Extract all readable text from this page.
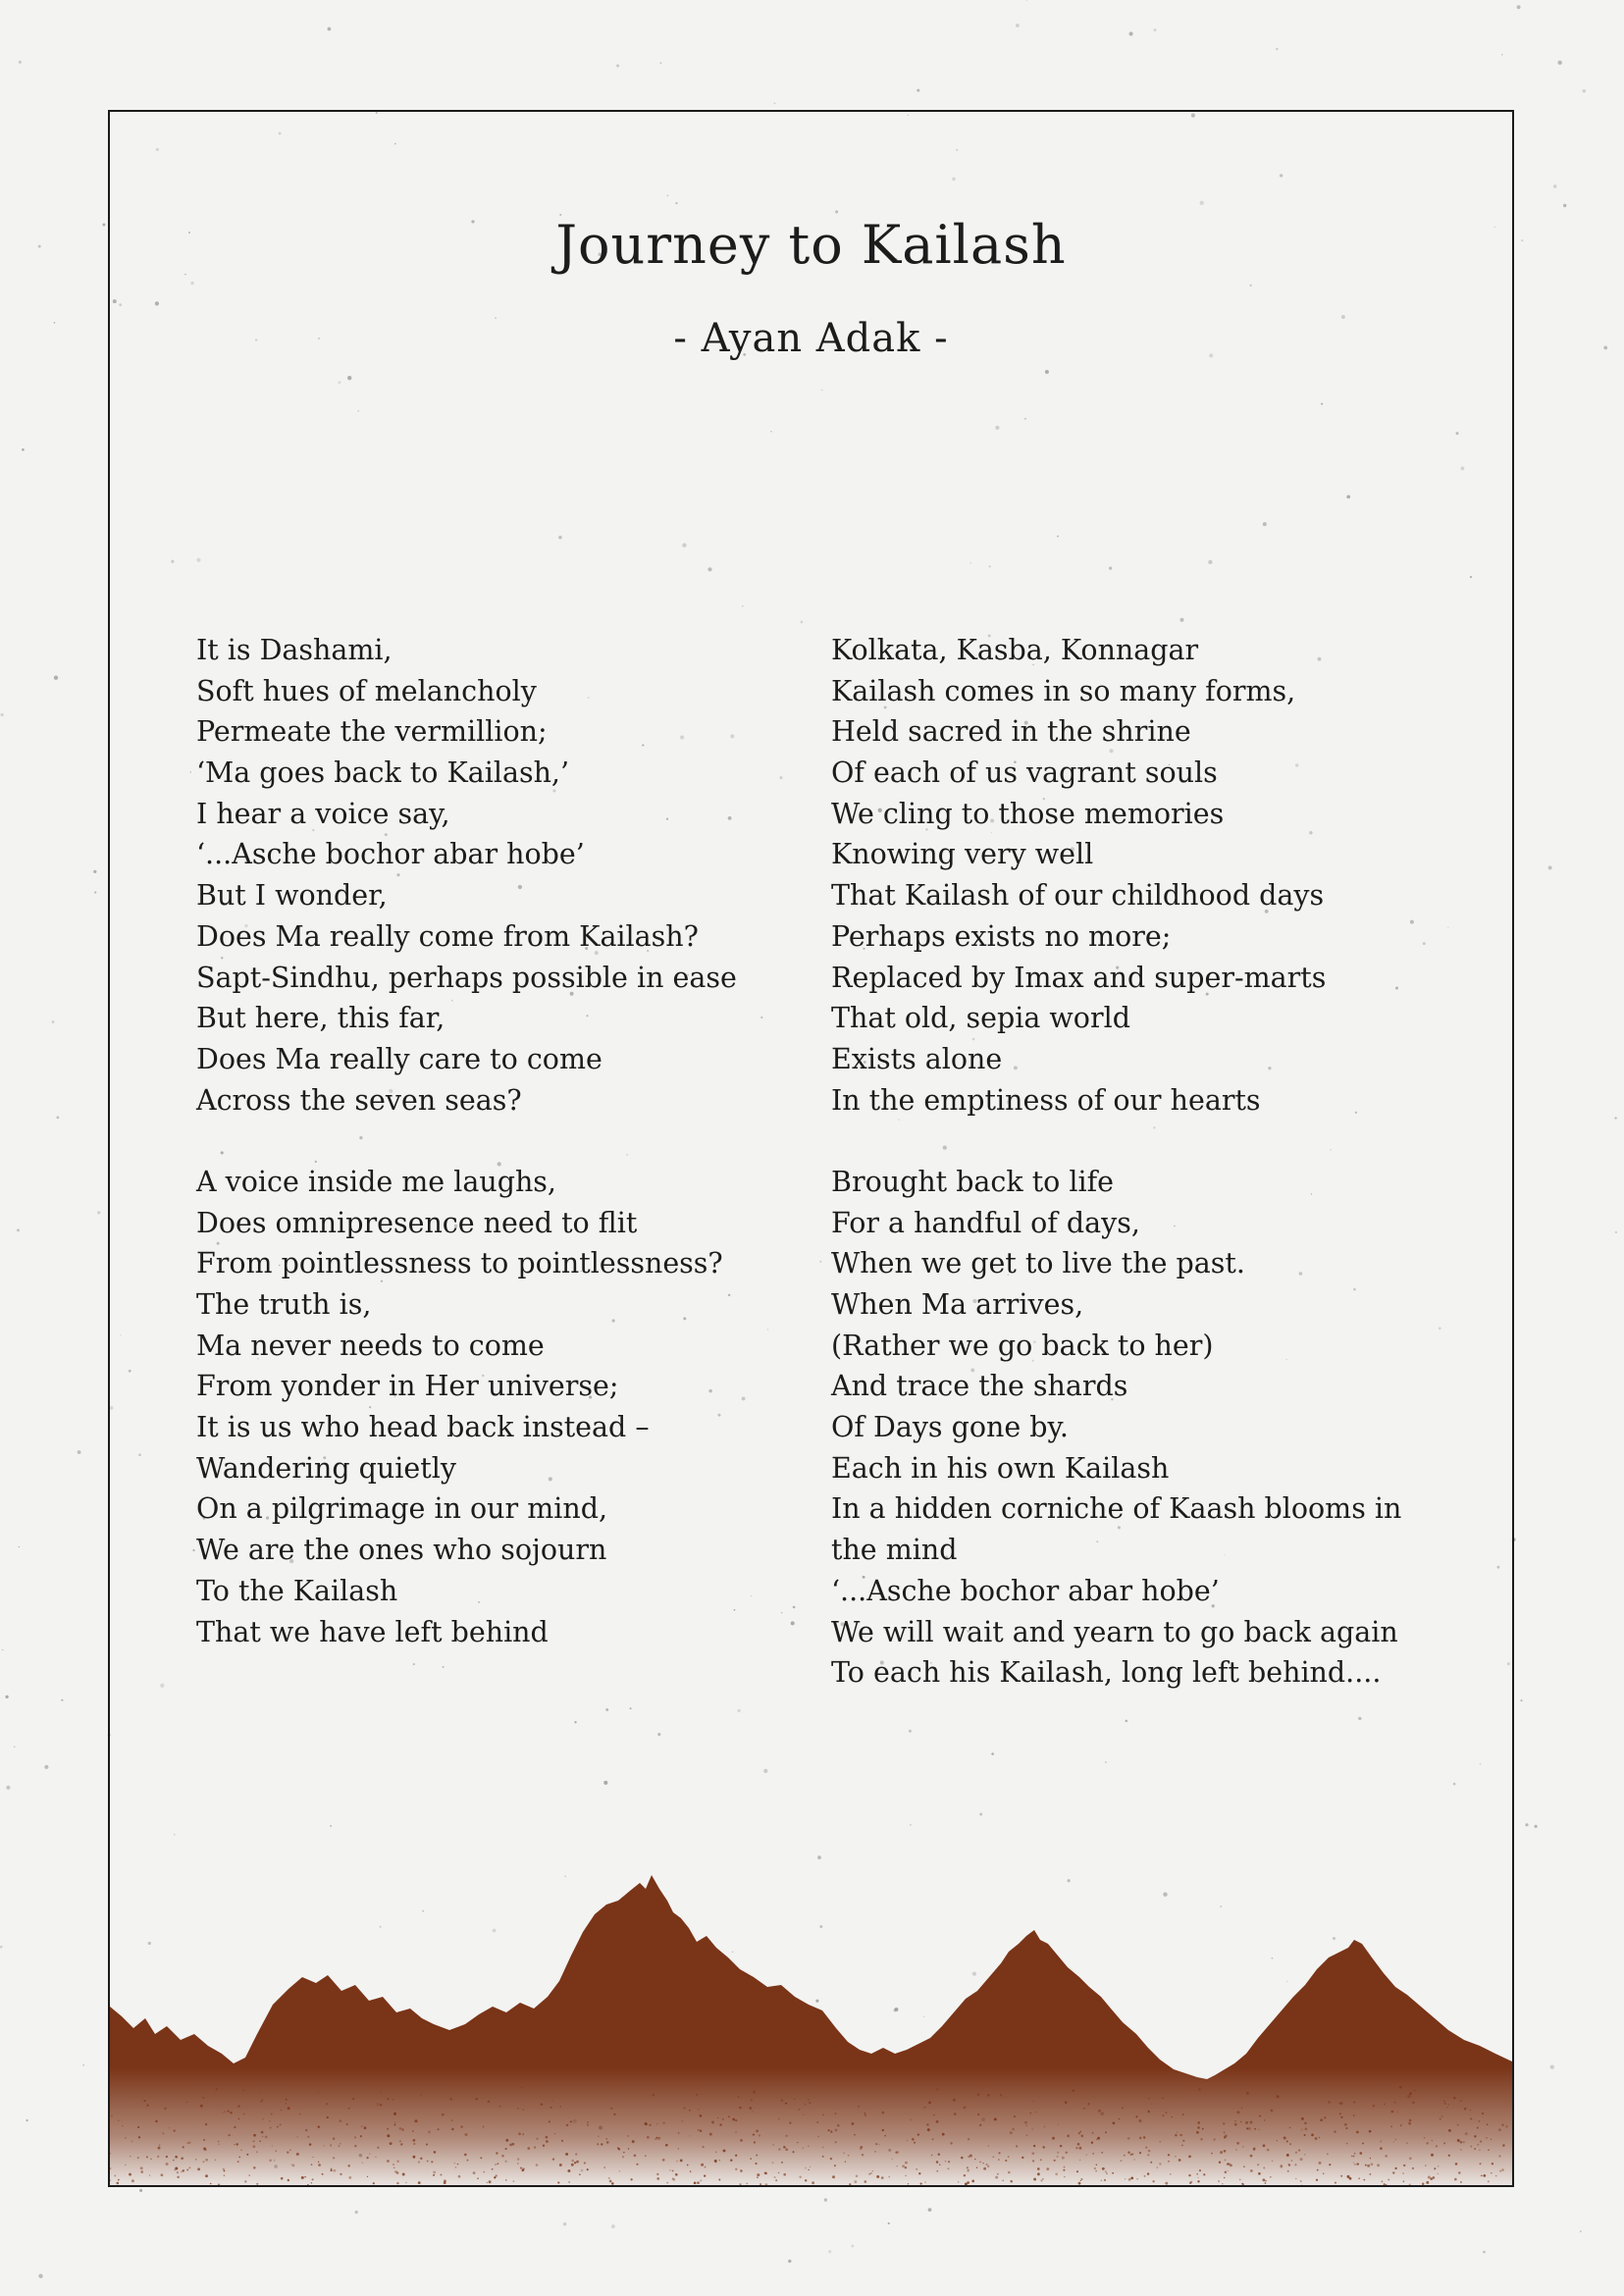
Journey to Kailash
- Ayan Adak -
It is Dashami,
Soft hues of melancholy
Permeate the vermillion;
‘Ma goes back to Kailash,’
I hear a voice say,
‘...Asche bochor abar hobe’
But I wonder,
Does Ma really come from Kailash?
Sapt-Sindhu, perhaps possible in ease
But here, this far,
Does Ma really care to come
Across the seven seas?
A voice inside me laughs,
Does omnipresence need to flit
From pointlessness to pointlessness?
The truth is,
Ma never needs to come
From yonder in Her universe;
It is us who head back instead –
Wandering quietly
On a pilgrimage in our mind,
We are the ones who sojourn
To the Kailash
That we have left behind
Kolkata, Kasba, Konnagar
Kailash comes in so many forms,
Held sacred in the shrine
Of each of us vagrant souls
We cling to those memories
Knowing very well
That Kailash of our childhood days
Perhaps exists no more;
Replaced by Imax and super-marts
That old, sepia world
Exists alone
In the emptiness of our hearts
Brought back to life
For a handful of days,
When we get to live the past.
When Ma arrives,
(Rather we go back to her)
And trace the shards
Of Days gone by.
Each in his own Kailash
In a hidden corniche of Kaash blooms in
the mind
‘...Asche bochor abar hobe’
We will wait and yearn to go back again
To each his Kailash, long left behind....
